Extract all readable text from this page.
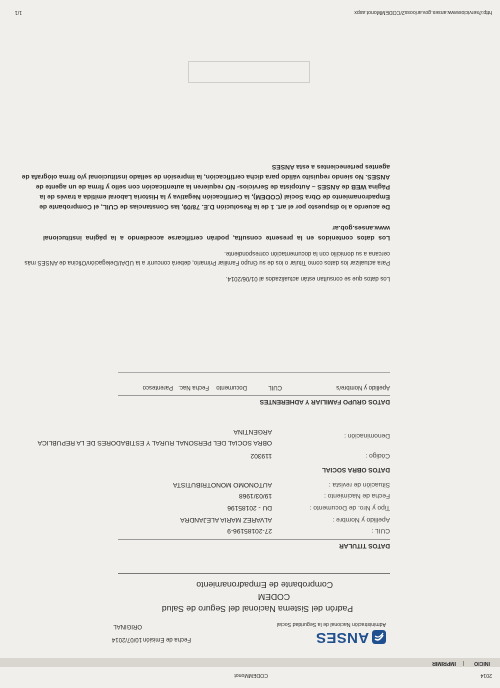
2014
CODEMMonot
INICIO
|
IMPRIMIR
ANSES
Fecha de Emisión
10/07/2014
ORIGINAL	Administración Nacional de la Seguridad Social
Padrón del Sistema Nacional del Seguro de Salud
CODEM
Comprobante de Empadronamiento
DATOS TITULAR
CUIL :
27-20185196-9
Apellido y Nombre :
ALVAREZ MARIA ALEJANDRA
Tipo y Nro. de Documento :
DU - 20185196
Fecha de Nacimiento :
19/03/1968
Situación de revista :
AUTONOMO MONOTRIBUTISTA
DATOS OBRA SOCIAL
Código :
119302
Denominación :
OBRA SOCIAL DEL PERSONAL RURAL Y ESTIBADORES DE LA REPUBLICA
ARGENTINA
DATOS GRUPO FAMILIAR Y ADHERENTES
Apellido y Nombre/s
CUIL
Documento
Fecha Nac.
Parentesco
Los datos que se consultan están actualizados al 01/06/2014.
Para actualizar los datos como Titular o los de su Grupo Familiar Primario, deberá concurrir a la UDAI/Delegación/Oficina de ANSES más
cercana a su domicilio con la documentación correspondiente.
Los datos contenidos en la presente consulta, podrán certificarse accediendo a la página institucional
www.anses.gob.ar
De acuerdo a lo dispuesto por el art. 1 de la Resolución D.E. 78/09, las Constancias de CUIL, el Comprobante de
Empadronamiento de Obra Social (CODEM), la Certificación Negativa y la Historia Laboral emitida a través de la
Página WEB de ANSES – Autopista de Servicios- NO requieren la autenticación con sello y firma de un agente de
ANSES. No siendo requisito válido para dicha certificación, la impresión de sellado institucional y/o firma ológrafa de
agentes pertenecientes a esta ANSES
http://servicioswww.anses.gov.ar/ooss2/CODEMMonot.aspx
1/1
